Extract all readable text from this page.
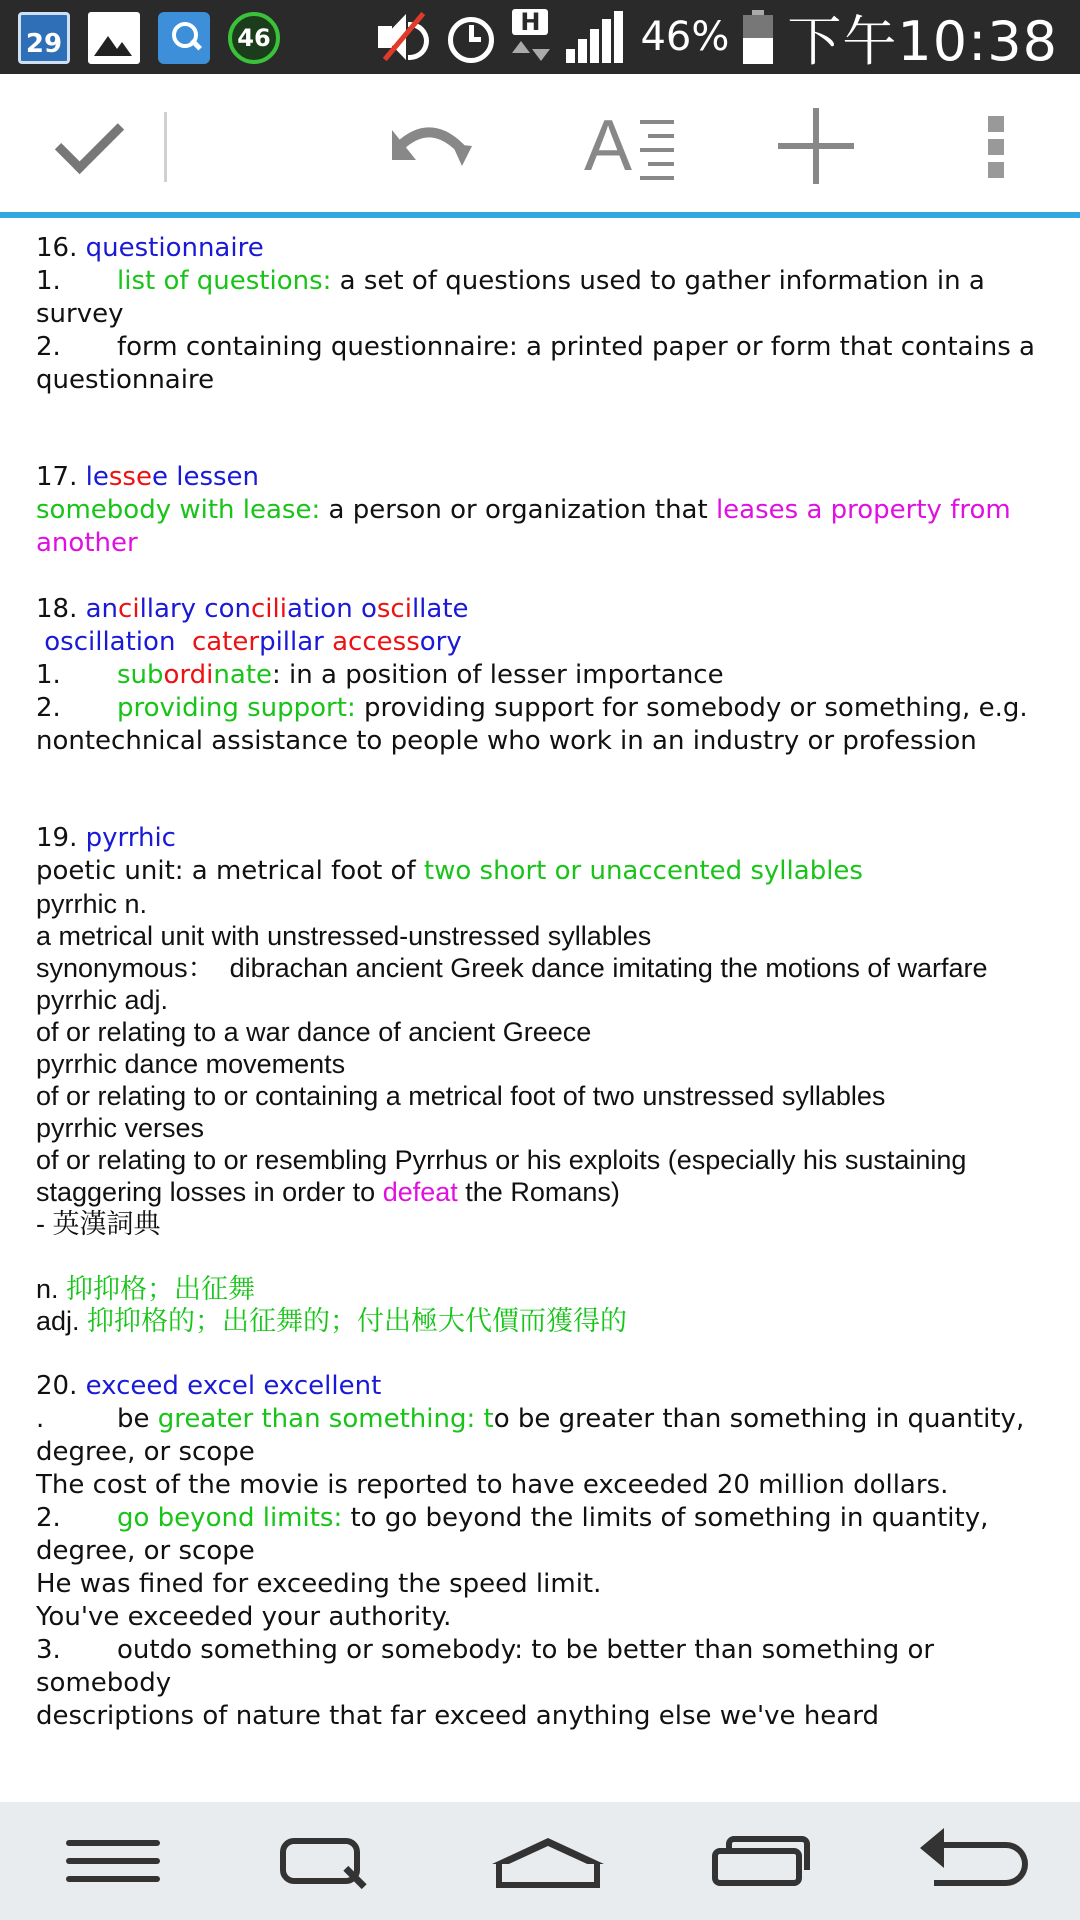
29	46
H 46% 下午10:38
A
16. questionnaire
1. list of questions: a set of questions used to gather information in a survey
2. form containing questionnaire: a printed paper or form that contains a questionnaire
17. lessee lessen
somebody with lease: a person or organization that leases a property from another
18. ancillary conciliation oscillate
oscillation  caterpillar accessory
1. subordinate: in a position of lesser importance
2. providing support: providing support for somebody or something, e.g. nontechnical assistance to people who work in an industry or profession
19. pyrrhic
poetic unit: a metrical foot of two short or unaccented syllables
pyrrhic n.
a metrical unit with unstressed-unstressed syllables
synonymous：  dibrachan ancient Greek dance imitating the motions of warfare
pyrrhic adj.
of or relating to a war dance of ancient Greece
pyrrhic dance movements
of or relating to or containing a metrical foot of two unstressed syllables
pyrrhic verses
of or relating to or resembling Pyrrhus or his exploits (especially his sustaining staggering losses in order to defeat the Romans)
- 英漢詞典
n. 抑抑格；出征舞
adj. 抑抑格的；出征舞的；付出極大代價而獲得的
20. exceed excel excellent
.	be greater than something: to be greater than something in quantity, degree, or scope
The cost of the movie is reported to have exceeded 20 million dollars.
2. go beyond limits: to go beyond the limits of something in quantity, degree, or scope
He was fined for exceeding the speed limit.
You've exceeded your authority.
3. outdo something or somebody: to be better than something or somebody
descriptions of nature that far exceed anything else we've heard
